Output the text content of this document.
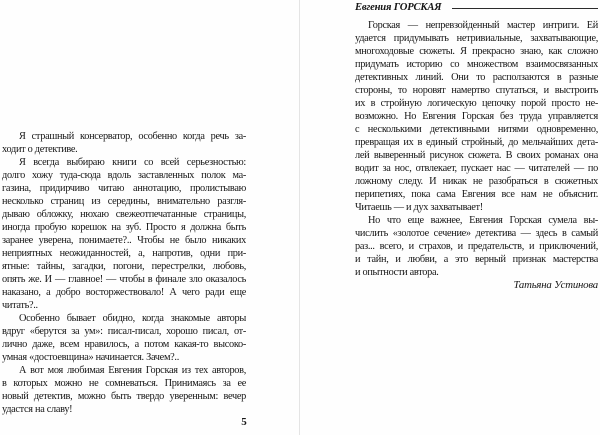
Я страшный консерватор, особенно когда речь за-
ходит о детективе.
Я всегда выбираю книги со всей серьезностью:
долго хожу туда-сюда вдоль заставленных полок ма-
газина, придирчиво читаю аннотацию, пролистываю
несколько страниц из середины, внимательно разгля-
дываю обложку, нюхаю свежеотпечатанные страницы,
иногда пробую корешок на зуб. Просто я должна быть
заранее уверена, понимаете?.. Чтобы не было никаких
неприятных неожиданностей, а, напротив, одни при-
ятные: тайны, загадки, погони, перестрелки, любовь,
опять же. И — главное! — чтобы в финале зло оказалось
наказано, а добро восторжествовало! А чего ради еще
читать?..
Особенно бывает обидно, когда знакомые авторы
вдруг «берутся за ум»: писал-писал, хорошо писал, от-
лично даже, всем нравилось, а потом какая-то высоко-
умная «достоевщина» начинается. Зачем?..
А вот моя любимая Евгения Горская из тех авторов,
в которых можно не сомневаться. Принимаясь за ее
новый детектив, можно быть твердо уверенным: вечер
удастся на славу!
5
Евгения ГОРСКАЯ
Горская — непревзойденный мастер интриги. Ей
удается придумывать нетривиальные, захватывающие,
многоходовые сюжеты. Я прекрасно знаю, как сложно
придумать историю со множеством взаимосвязанных
детективных линий. Они то расползаются в разные
стороны, то норовят намертво спутаться, и выстроить
их в стройную логическую цепочку порой просто не-
возможно. Но Евгения Горская без труда управляется
с несколькими детективными нитями одновременно,
превращая их в единый стройный, до мельчайших дета-
лей выверенный рисунок сюжета. В своих романах она
водит за нос, отвлекает, пускает нас — читателей — по
ложному следу. И никак не разобраться в сюжетных
перипетиях, пока сама Евгения все нам не объяснит.
Читаешь — и дух захватывает!
Но что еще важнее, Евгения Горская сумела вы-
числить «золотое сечение» детектива — здесь в самый
раз... всего, и страхов, и предательств, и приключений,
и тайн, и любви, а это верный признак мастерства
и опытности автора.
Татьяна Устинова
